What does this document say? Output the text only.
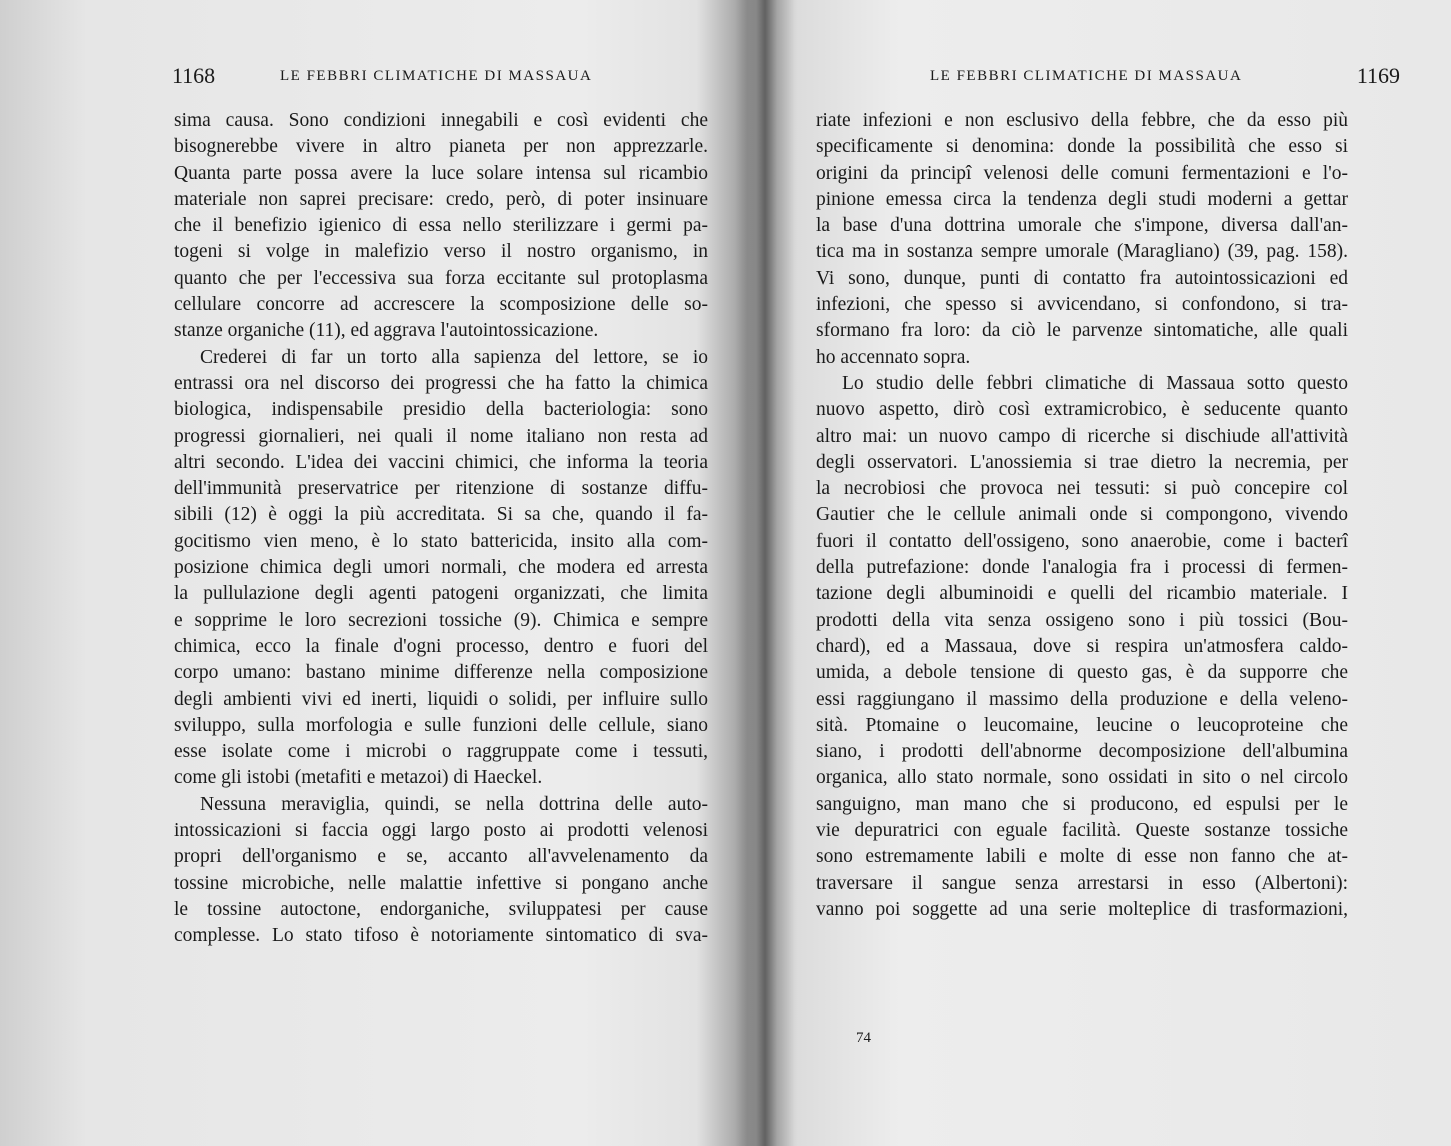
1168	LE FEBBRI CLIMATICHE DI MASSAUA
sima causa. Sono condizioni innegabili e così evidenti che
bisognerebbe vivere in altro pianeta per non apprezzarle.
Quanta parte possa avere la luce solare intensa sul ricambio
materiale non saprei precisare: credo, però, di poter insinuare
che il benefizio igienico di essa nello sterilizzare i germi pa-
togeni si volge in malefizio verso il nostro organismo, in
quanto che per l'eccessiva sua forza eccitante sul protoplasma
cellulare concorre ad accrescere la scomposizione delle so-
stanze organiche (11), ed aggrava l'autointossicazione.
Crederei di far un torto alla sapienza del lettore, se io
entrassi ora nel discorso dei progressi che ha fatto la chimica
biologica, indispensabile presidio della bacteriologia: sono
progressi giornalieri, nei quali il nome italiano non resta ad
altri secondo. L'idea dei vaccini chimici, che informa la teoria
dell'immunità preservatrice per ritenzione di sostanze diffu-
sibili (12) è oggi la più accreditata. Si sa che, quando il fa-
gocitismo vien meno, è lo stato battericida, insito alla com-
posizione chimica degli umori normali, che modera ed arresta
la pullulazione degli agenti patogeni organizzati, che limita
e sopprime le loro secrezioni tossiche (9). Chimica e sempre
chimica, ecco la finale d'ogni processo, dentro e fuori del
corpo umano: bastano minime differenze nella composizione
degli ambienti vivi ed inerti, liquidi o solidi, per influire sullo
sviluppo, sulla morfologia e sulle funzioni delle cellule, siano
esse isolate come i microbi o raggruppate come i tessuti,
come gli istobi (metafiti e metazoi) di Haeckel.
Nessuna meraviglia, quindi, se nella dottrina delle auto-
intossicazioni si faccia oggi largo posto ai prodotti velenosi
propri dell'organismo e se, accanto all'avvelenamento da
tossine microbiche, nelle malattie infettive si pongano anche
le tossine autoctone, endorganiche, sviluppatesi per cause
complesse. Lo stato tifoso è notoriamente sintomatico di sva-
LE FEBBRI CLIMATICHE DI MASSAUA	1169
riate infezioni e non esclusivo della febbre, che da esso più
specificamente si denomina: donde la possibilità che esso si
origini da principî velenosi delle comuni fermentazioni e l'o-
pinione emessa circa la tendenza degli studi moderni a gettar
la base d'una dottrina umorale che s'impone, diversa dall'an-
tica ma in sostanza sempre umorale (Maragliano) (39, pag. 158).
Vi sono, dunque, punti di contatto fra autointossicazioni ed
infezioni, che spesso si avvicendano, si confondono, si tra-
sformano fra loro: da ciò le parvenze sintomatiche, alle quali
ho accennato sopra.
Lo studio delle febbri climatiche di Massaua sotto questo
nuovo aspetto, dirò così extramicrobico, è seducente quanto
altro mai: un nuovo campo di ricerche si dischiude all'attività
degli osservatori. L'anossiemia si trae dietro la necremia, per
la necrobiosi che provoca nei tessuti: si può concepire col
Gautier che le cellule animali onde si compongono, vivendo
fuori il contatto dell'ossigeno, sono anaerobie, come i bacterî
della putrefazione: donde l'analogia fra i processi di fermen-
tazione degli albuminoidi e quelli del ricambio materiale. I
prodotti della vita senza ossigeno sono i più tossici (Bou-
chard), ed a Massaua, dove si respira un'atmosfera caldo-
umida, a debole tensione di questo gas, è da supporre che
essi raggiungano il massimo della produzione e della veleno-
sità. Ptomaine o leucomaine, leucine o leucoproteine che
siano, i prodotti dell'abnorme decomposizione dell'albumina
organica, allo stato normale, sono ossidati in sito o nel circolo
sanguigno, man mano che si producono, ed espulsi per le
vie depuratrici con eguale facilità. Queste sostanze tossiche
sono estremamente labili e molte di esse non fanno che at-
traversare il sangue senza arrestarsi in esso (Albertoni):
vanno poi soggette ad una serie molteplice di trasformazioni,
74
